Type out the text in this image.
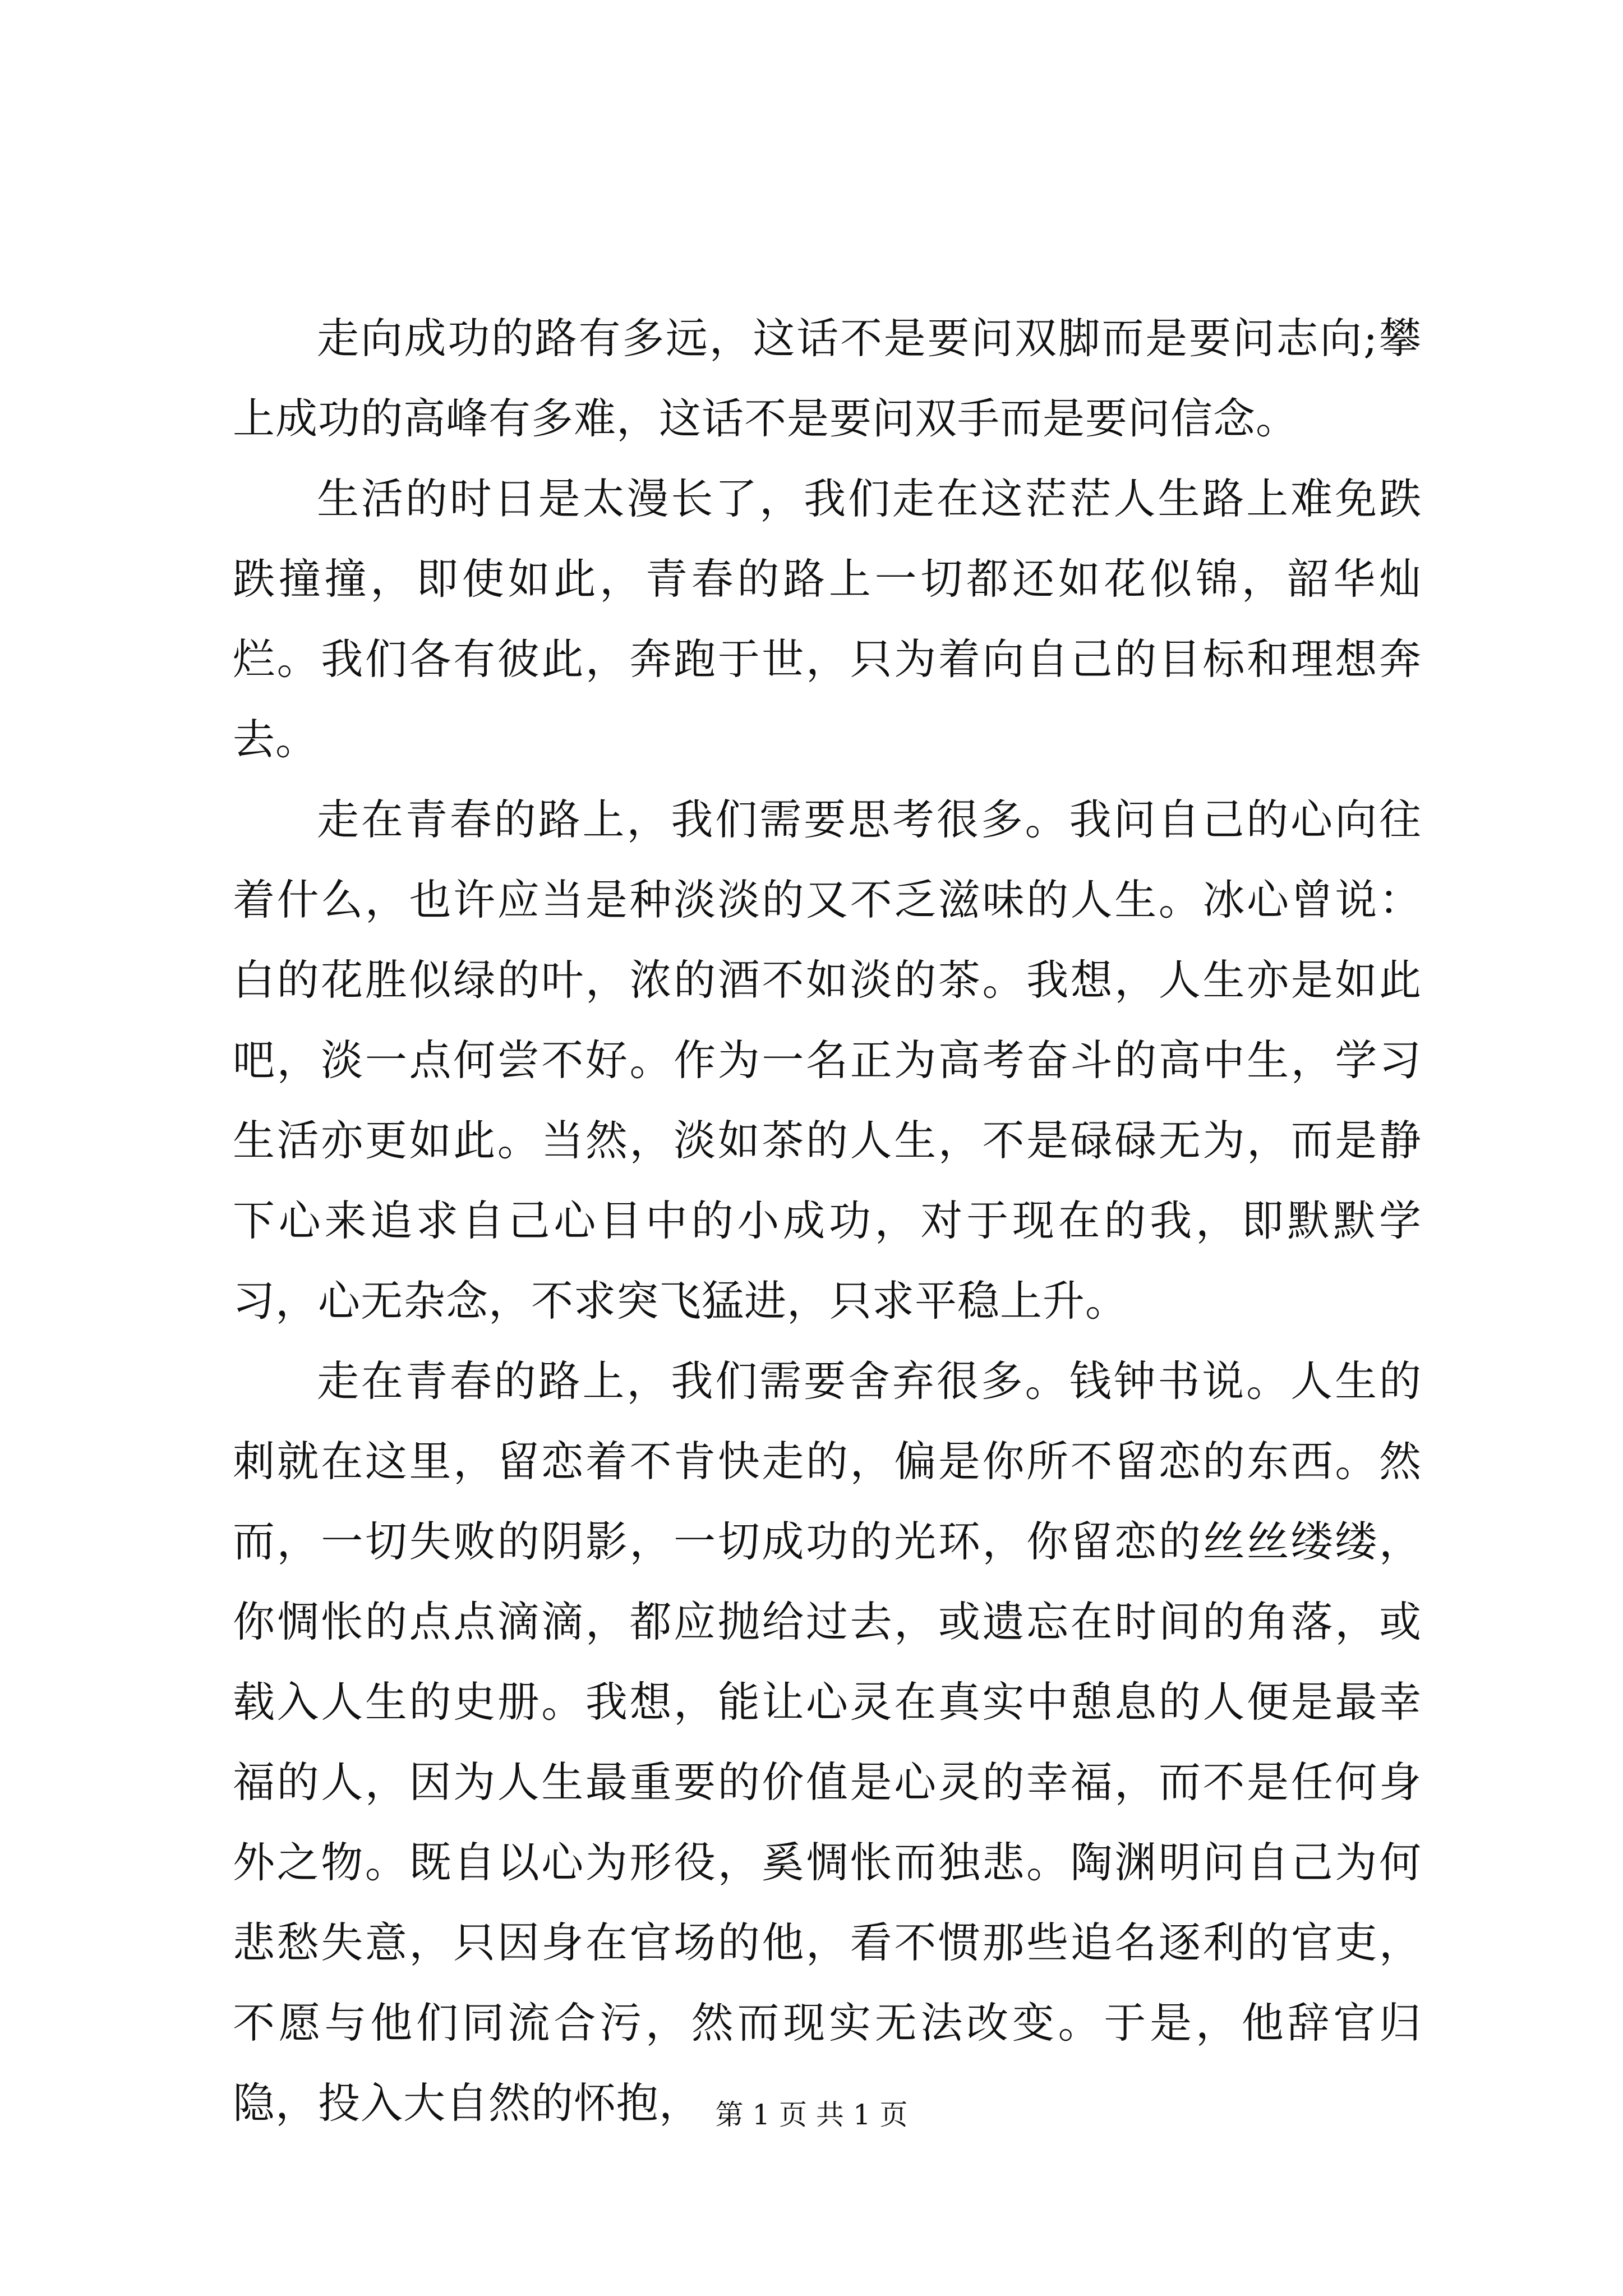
走向成功的路有多远，这话不是要问双脚而是要问志向;攀上成功的高峰有多难，这话不是要问双手而是要问信念。

生活的时日是太漫长了，我们走在这茫茫人生路上难免跌跌撞撞，即使如此，青春的路上一切都还如花似锦，韶华灿烂。我们各有彼此，奔跑于世，只为着向自己的目标和理想奔去。

走在青春的路上，我们需要思考很多。我问自己的心向往着什么，也许应当是种淡淡的又不乏滋味的人生。冰心曾说：白的花胜似绿的叶，浓的酒不如淡的茶。我想，人生亦是如此吧，淡一点何尝不好。作为一名正为高考奋斗的高中生，学习生活亦更如此。当然，淡如茶的人生，不是碌碌无为，而是静下心来追求自己心目中的小成功，对于现在的我，即默默学习，心无杂念，不求突飞猛进，只求平稳上升。

走在青春的路上，我们需要舍弃很多。钱钟书说。人生的刺就在这里，留恋着不肯快走的，偏是你所不留恋的东西。然而，一切失败的阴影，一切成功的光环，你留恋的丝丝缕缕，你惆怅的点点滴滴，都应抛给过去，或遗忘在时间的角落，或载入人生的史册。我想，能让心灵在真实中憩息的人便是最幸福的人，因为人生最重要的价值是心灵的幸福，而不是任何身外之物。既自以心为形役，奚惆怅而独悲。陶渊明问自己为何悲愁失意，只因身在官场的他，看不惯那些追名逐利的官吏，不愿与他们同流合污，然而现实无法改变。于是，他辞官归隐，投入大自然的怀抱， 第 1 页 共 1 页
